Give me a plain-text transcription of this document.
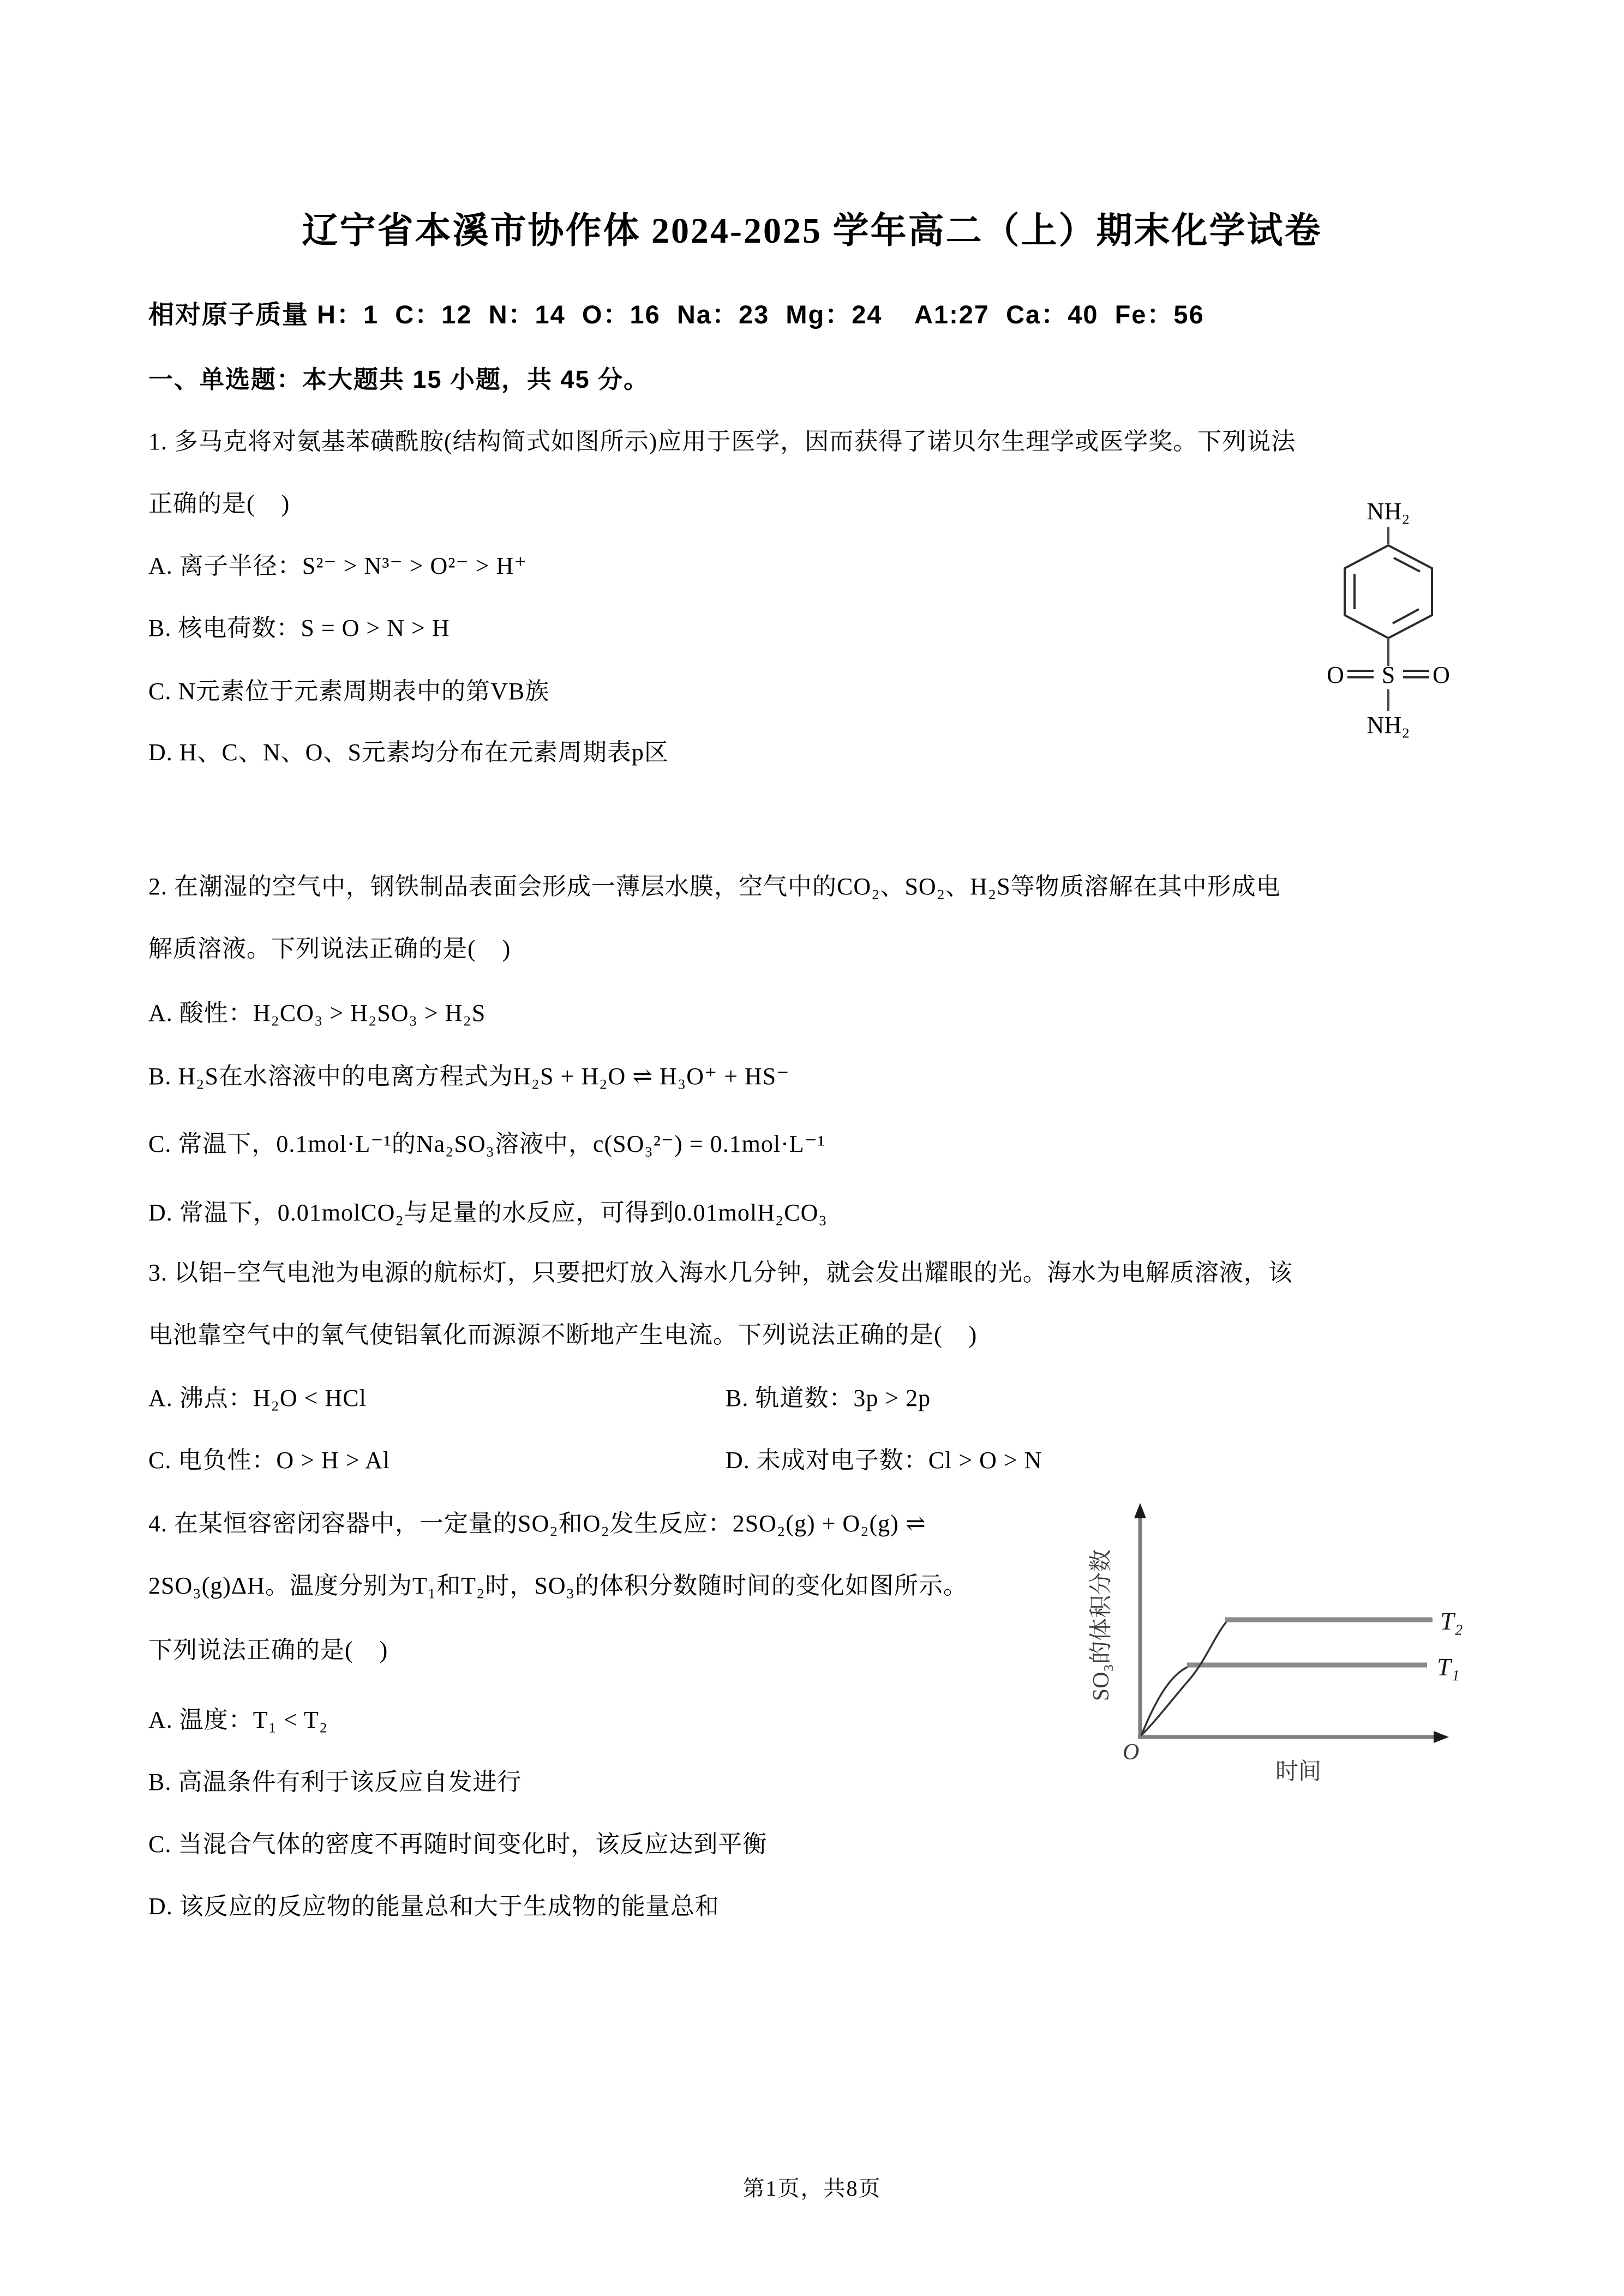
辽宁省本溪市协作体 2024-2025 学年高二（上）期末化学试卷
相对原子质量 H：1  C：12  N：14  O：16  Na：23  Mg：24    A1:27  Ca：40  Fe：56
一、单选题：本大题共 15 小题，共 45 分。
1. 多马克将对氨基苯磺酰胺(结构简式如图所示)应用于医学，因而获得了诺贝尔生理学或医学奖。下列说法
正确的是(    )
A. 离子半径：S²⁻ > N³⁻ > O²⁻ > H⁺
B. 核电荷数：S = O > N > H
C. N元素位于元素周期表中的第VB族
D. H、C、N、O、S元素均分布在元素周期表p区
NH₂
O S O
NH₂
2. 在潮湿的空气中，钢铁制品表面会形成一薄层水膜，空气中的CO₂、SO₂、H₂S等物质溶解在其中形成电
解质溶液。下列说法正确的是(    )
A. 酸性：H₂CO₃ > H₂SO₃ > H₂S
B. H₂S在水溶液中的电离方程式为H₂S + H₂O ⇌ H₃O⁺ + HS⁻
C. 常温下，0.1mol·L⁻¹的Na₂SO₃溶液中，c(SO₃²⁻) = 0.1mol·L⁻¹
D. 常温下，0.01molCO₂与足量的水反应，可得到0.01molH₂CO₃
3. 以铝−空气电池为电源的航标灯，只要把灯放入海水几分钟，就会发出耀眼的光。海水为电解质溶液，该
电池靠空气中的氧气使铝氧化而源源不断地产生电流。下列说法正确的是(    )
A. 沸点：H₂O < HCl	B. 轨道数：3p > 2p
C. 电负性：O > H > Al	D. 未成对电子数：Cl > O > N
4. 在某恒容密闭容器中，一定量的SO₂和O₂发生反应：2SO₂(g) + O₂(g) ⇌
2SO₃(g)ΔH。温度分别为T₁和T₂时，SO₃的体积分数随时间的变化如图所示。
下列说法正确的是(    )
A. 温度：T₁ < T₂
B. 高温条件有利于该反应自发进行
C. 当混合气体的密度不再随时间变化时，该反应达到平衡
D. 该反应的反应物的能量总和大于生成物的能量总和
T₂
T₁
O
时间
SO₃的体积分数
第1页，共8页
